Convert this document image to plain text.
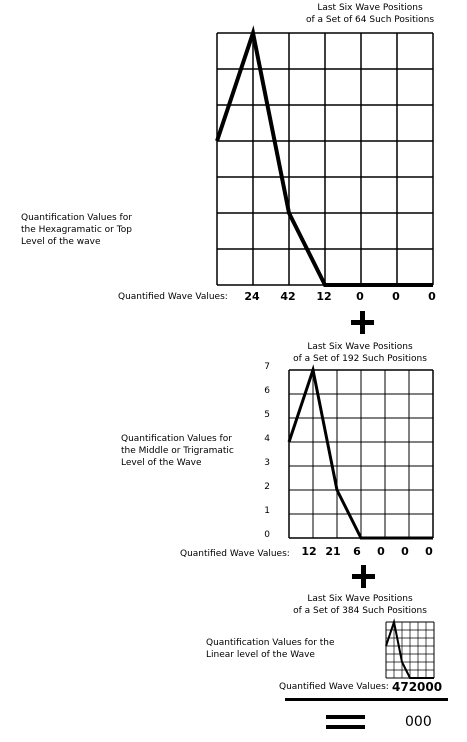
Last Six Wave Positions
of a Set of 64 Such Positions
Quantification Values for
the Hexagramatic or Top
Level of the wave
Quantified Wave Values:	24	42	12	0	0	0
Last Six Wave Positions
of a Set of 192 Such Positions
Quantification Values for
the Middle or Trigramatic
Level of the Wave
7
6
5
4
3
2
1
0
Quantified Wave Values:	12 21	6	0	0	0
Last Six Wave Positions
of a Set of 384 Such Positions
Quantification Values for the
Linear level of the Wave
Quantified Wave Values: 472000
000
